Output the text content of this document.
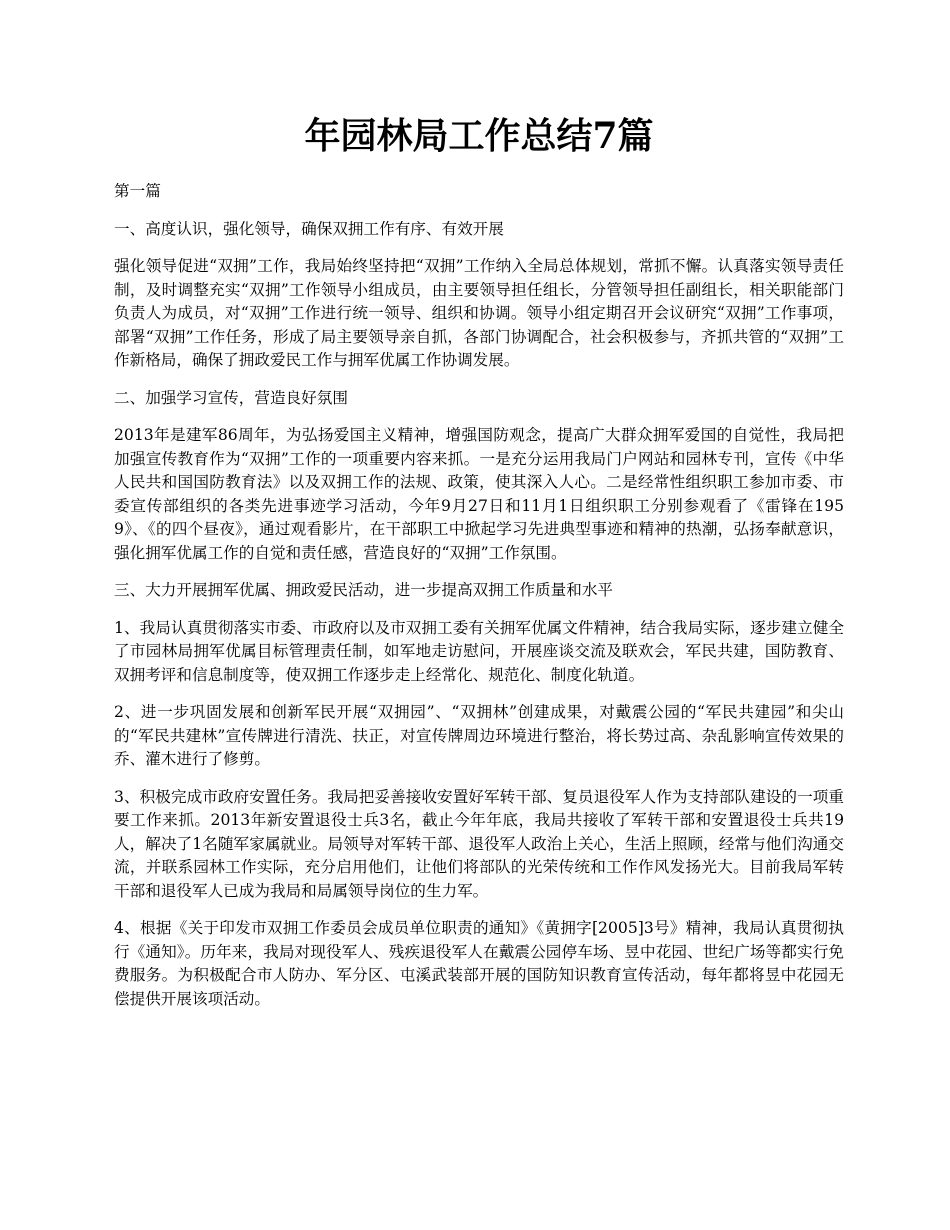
年园林局工作总结7篇

第一篇

一、高度认识，强化领导，确保双拥工作有序、有效开展

强化领导促进“双拥”工作，我局始终坚持把“双拥”工作纳入全局总体规划，常抓不懈。认真落实领导责任制，及时调整充实“双拥”工作领导小组成员，由主要领导担任组长，分管领导担任副组长，相关职能部门负责人为成员，对“双拥”工作进行统一领导、组织和协调。领导小组定期召开会议研究“双拥”工作事项，部署“双拥”工作任务，形成了局主要领导亲自抓，各部门协调配合，社会积极参与，齐抓共管的“双拥”工作新格局，确保了拥政爱民工作与拥军优属工作协调发展。

二、加强学习宣传，营造良好氛围

2013年是建军86周年，为弘扬爱国主义精神，增强国防观念，提高广大群众拥军爱国的自觉性，我局把加强宣传教育作为“双拥”工作的一项重要内容来抓。一是充分运用我局门户网站和园林专刊，宣传《中华人民共和国国防教育法》以及双拥工作的法规、政策，使其深入人心。二是经常性组织职工参加市委、市委宣传部组织的各类先进事迹学习活动，今年9月27日和11月1日组织职工分别参观看了《雷锋在1959》、《的四个昼夜》，通过观看影片，在干部职工中掀起学习先进典型事迹和精神的热潮，弘扬奉献意识，强化拥军优属工作的自觉和责任感，营造良好的“双拥”工作氛围。

三、大力开展拥军优属、拥政爱民活动，进一步提高双拥工作质量和水平

1、我局认真贯彻落实市委、市政府以及市双拥工委有关拥军优属文件精神，结合我局实际，逐步建立健全了市园林局拥军优属目标管理责任制，如军地走访慰问，开展座谈交流及联欢会，军民共建，国防教育、双拥考评和信息制度等，使双拥工作逐步走上经常化、规范化、制度化轨道。

2、进一步巩固发展和创新军民开展“双拥园”、“双拥林”创建成果，对戴震公园的“军民共建园”和尖山的“军民共建林”宣传牌进行清洗、扶正，对宣传牌周边环境进行整治，将长势过高、杂乱影响宣传效果的乔、灌木进行了修剪。

3、积极完成市政府安置任务。我局把妥善接收安置好军转干部、复员退役军人作为支持部队建设的一项重要工作来抓。2013年新安置退役士兵3名，截止今年年底，我局共接收了军转干部和安置退役士兵共19人，解决了1名随军家属就业。局领导对军转干部、退役军人政治上关心，生活上照顾，经常与他们沟通交流，并联系园林工作实际，充分启用他们，让他们将部队的光荣传统和工作作风发扬光大。目前我局军转干部和退役军人已成为我局和局属领导岗位的生力军。

4、根据《关于印发市双拥工作委员会成员单位职责的通知》《黄拥字[2005]3号》精神，我局认真贯彻执行《通知》。历年来，我局对现役军人、残疾退役军人在戴震公园停车场、昱中花园、世纪广场等都实行免费服务。为积极配合市人防办、军分区、屯溪武装部开展的国防知识教育宣传活动，每年都将昱中花园无偿提供开展该项活动。
